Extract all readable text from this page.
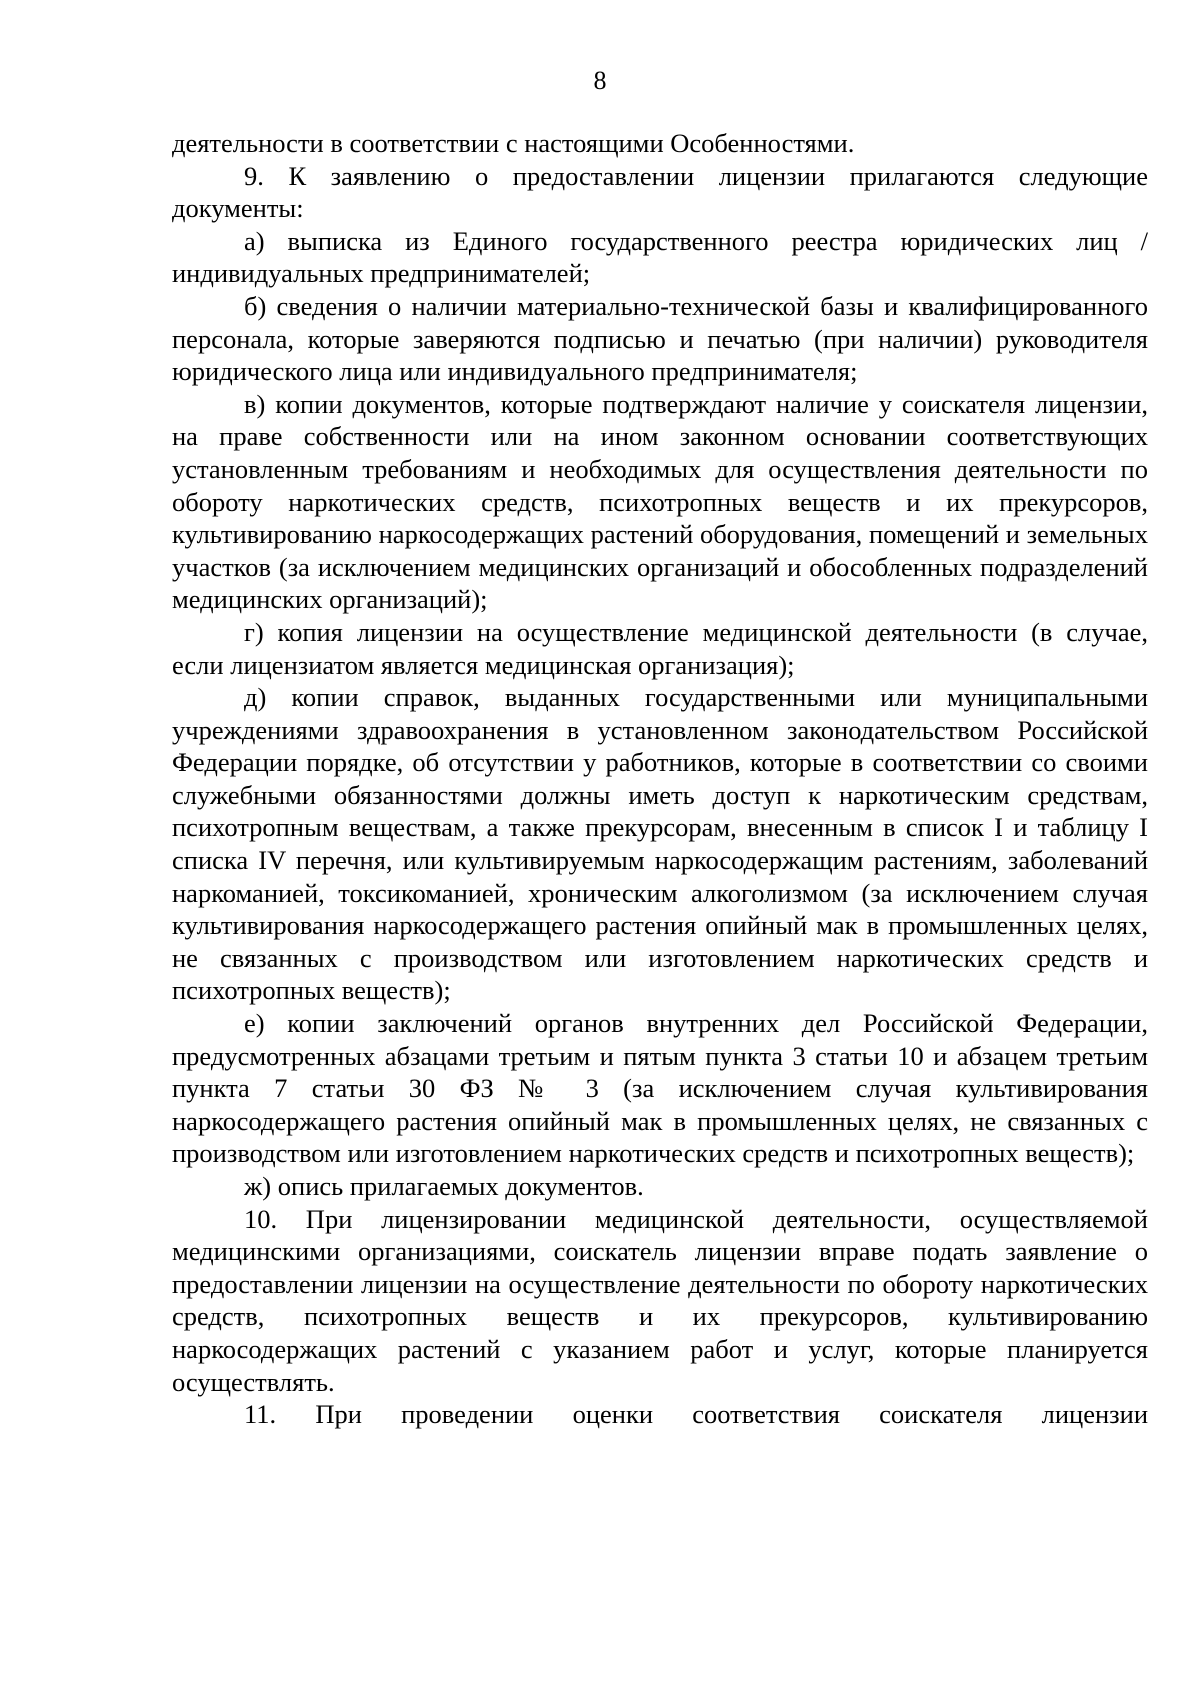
8

деятельности в соответствии с настоящими Особенностями.

9. К заявлению о предоставлении лицензии прилагаются следующие документы:

а) выписка из Единого государственного реестра юридических лиц / индивидуальных предпринимателей;

б) сведения о наличии материально-технической базы и квалифицированного персонала, которые заверяются подписью и печатью (при наличии) руководителя юридического лица или индивидуального предпринимателя;

в) копии документов, которые подтверждают наличие у соискателя лицензии, на праве собственности или на ином законном основании соответствующих установленным требованиям и необходимых для осуществления деятельности по обороту наркотических средств, психотропных веществ и их прекурсоров, культивированию наркосодержащих растений оборудования, помещений и земельных участков (за исключением медицинских организаций и обособленных подразделений медицинских организаций);

г) копия лицензии на осуществление медицинской деятельности (в случае, если лицензиатом является медицинская организация);

д) копии справок, выданных государственными или муниципальными учреждениями здравоохранения в установленном законодательством Российской Федерации порядке, об отсутствии у работников, которые в соответствии со своими служебными обязанностями должны иметь доступ к наркотическим средствам, психотропным веществам, а также прекурсорам, внесенным в список I и таблицу I списка IV перечня, или культивируемым наркосодержащим растениям, заболеваний наркоманией, токсикоманией, хроническим алкоголизмом (за исключением случая культивирования наркосодержащего растения опийный мак в промышленных целях, не связанных с производством или изготовлением наркотических средств и психотропных веществ);

е) копии заключений органов внутренних дел Российской Федерации, предусмотренных абзацами третьим и пятым пункта 3 статьи 10 и абзацем третьим пункта 7 статьи 30 ФЗ № 3 (за исключением случая культивирования наркосодержащего растения опийный мак в промышленных целях, не связанных с производством или изготовлением наркотических средств и психотропных веществ);

ж) опись прилагаемых документов.

10. При лицензировании медицинской деятельности, осуществляемой медицинскими организациями, соискатель лицензии вправе подать заявление о предоставлении лицензии на осуществление деятельности по обороту наркотических средств, психотропных веществ и их прекурсоров, культивированию наркосодержащих растений с указанием работ и услуг, которые планируется осуществлять.

11. При проведении оценки соответствия соискателя лицензии
